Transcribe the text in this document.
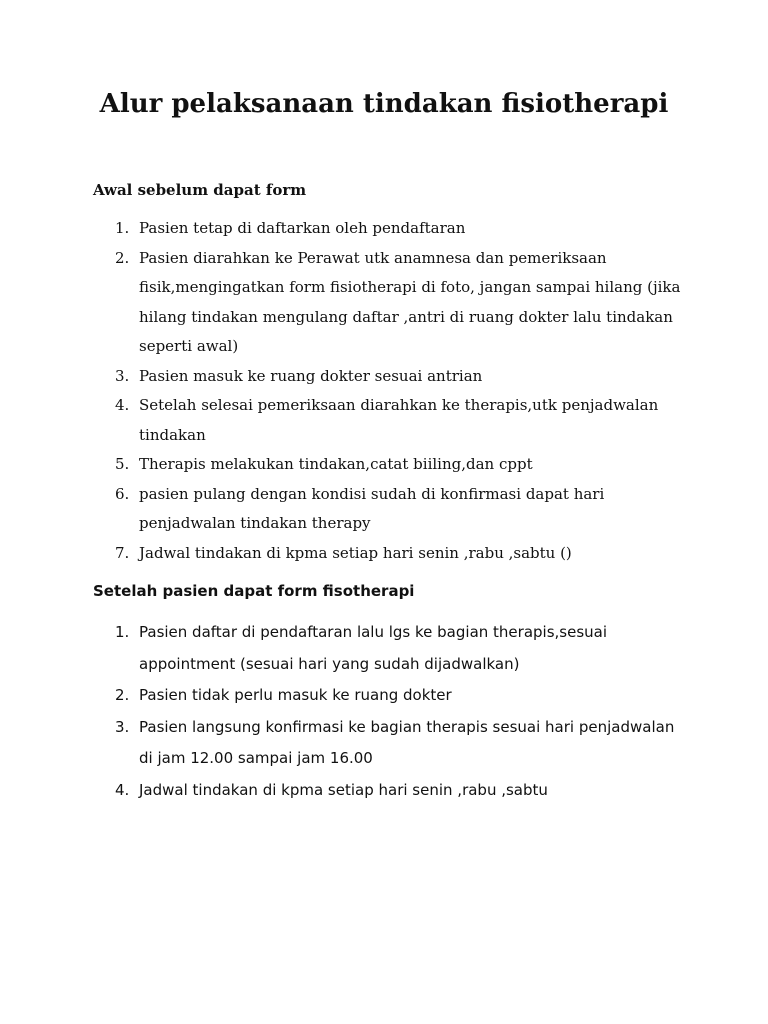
Alur pelaksanaan tindakan fisiotherapi
Awal sebelum dapat form
1. Pasien tetap di daftarkan oleh pendaftaran
2. Pasien diarahkan ke Perawat utk anamnesa dan pemeriksaan fisik,mengingatkan form fisiotherapi di foto, jangan sampai hilang (jika hilang tindakan mengulang daftar ,antri di ruang dokter lalu tindakan seperti awal)
3. Pasien masuk ke ruang dokter sesuai antrian
4. Setelah selesai pemeriksaan diarahkan ke therapis,utk penjadwalan tindakan
5. Therapis melakukan tindakan,catat biiling,dan cppt
6. pasien pulang dengan kondisi sudah di konfirmasi dapat hari penjadwalan tindakan therapy
7. Jadwal tindakan di kpma setiap hari senin ,rabu ,sabtu ()
Setelah pasien dapat form fisotherapi
1. Pasien daftar di pendaftaran lalu lgs ke bagian therapis,sesuai appointment (sesuai hari yang sudah dijadwalkan)
2. Pasien tidak perlu masuk ke ruang dokter
3. Pasien langsung konfirmasi ke bagian therapis sesuai hari penjadwalan di jam 12.00 sampai jam 16.00
4. Jadwal tindakan di kpma setiap hari senin ,rabu ,sabtu
